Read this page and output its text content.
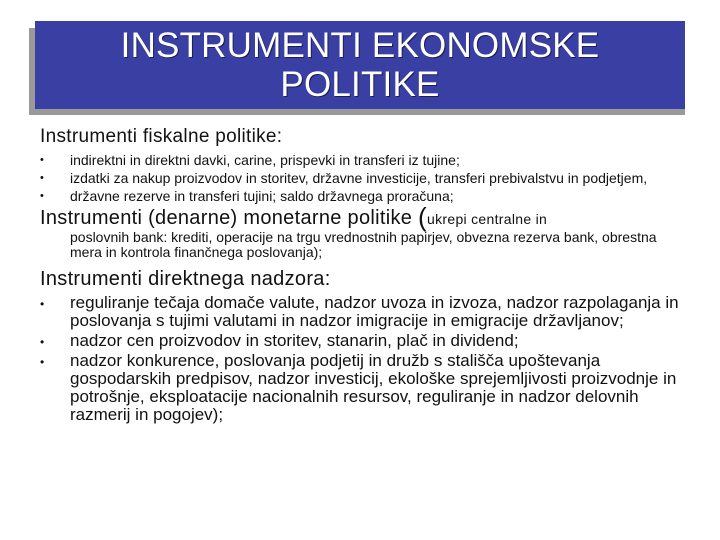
INSTRUMENTI EKONOMSKE
POLITIKE

Instrumenti fiskalne politike:

• indirektni in direktni davki, carine, prispevki in transferi iz tujine;
• izdatki za nakup proizvodov in storitev, državne investicije, transferi prebivalstvu in podjetjem,
• državne rezerve in transferi tujini; saldo državnega proračuna;

Instrumenti (denarne) monetarne politike (ukrepi centralne in

poslovnih bank: krediti, operacije na trgu vrednostnih papirjev, obvezna rezerva bank, obrestna mera in kontrola finančnega poslovanja);

Instrumenti direktnega nadzora:

• reguliranje tečaja domače valute, nadzor uvoza in izvoza, nadzor razpolaganja in poslovanja s tujimi valutami in nadzor imigracije in emigracije državljanov;
• nadzor cen proizvodov in storitev, stanarin, plač in dividend;
• nadzor konkurence, poslovanja podjetij in družb s stališča upoštevanja gospodarskih predpisov, nadzor investicij, ekološke sprejemljivosti proizvodnje in potrošnje, eksploatacije nacionalnih resursov, reguliranje in nadzor delovnih razmerij in pogojev);
